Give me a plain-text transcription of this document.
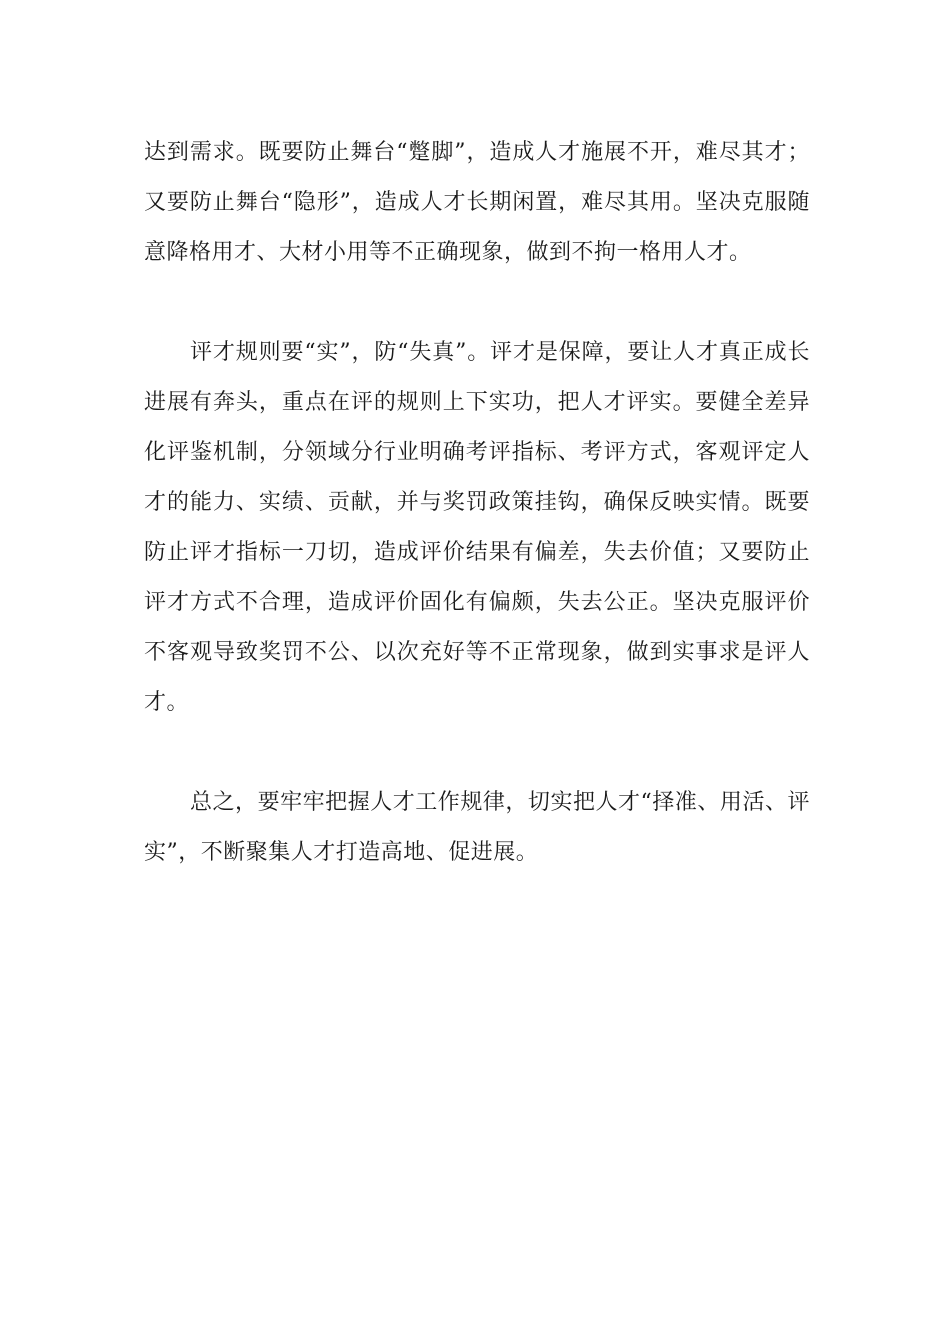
达到需求。既要防止舞台“蹩脚”，造成人才施展不开，难尽其才；又要防止舞台“隐形”，造成人才长期闲置，难尽其用。坚决克服随意降格用才、大材小用等不正确现象，做到不拘一格用人才。

评才规则要“实”，防“失真”。评才是保障，要让人才真正成长进展有奔头，重点在评的规则上下实功，把人才评实。要健全差异化评鉴机制，分领域分行业明确考评指标、考评方式，客观评定人才的能力、实绩、贡献，并与奖罚政策挂钩，确保反映实情。既要防止评才指标一刀切，造成评价结果有偏差，失去价值；又要防止评才方式不合理，造成评价固化有偏颇，失去公正。坚决克服评价不客观导致奖罚不公、以次充好等不正常现象，做到实事求是评人才。

总之，要牢牢把握人才工作规律，切实把人才“择准、用活、评实”，不断聚集人才打造高地、促进展。
